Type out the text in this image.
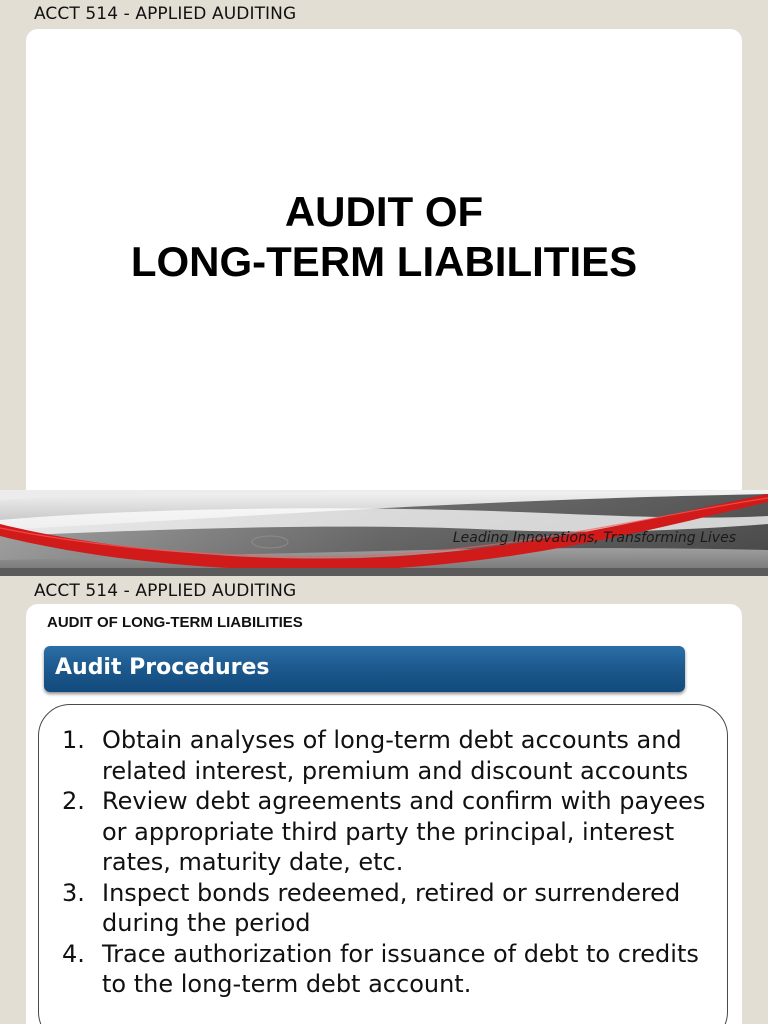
ACCT 514 - APPLIED AUDITING
AUDIT OF
LONG-TERM LIABILITIES
Leading Innovations, Transforming Lives
ACCT 514 - APPLIED AUDITING
AUDIT OF LONG-TERM LIABILITIES
Audit Procedures
1. Obtain analyses of long-term debt accounts and related interest, premium and discount accounts
2. Review debt agreements and confirm with payees or appropriate third party the principal, interest rates, maturity date, etc.
3. Inspect bonds redeemed, retired or surrendered during the period
4. Trace authorization for issuance of debt to credits to the long-term debt account.
